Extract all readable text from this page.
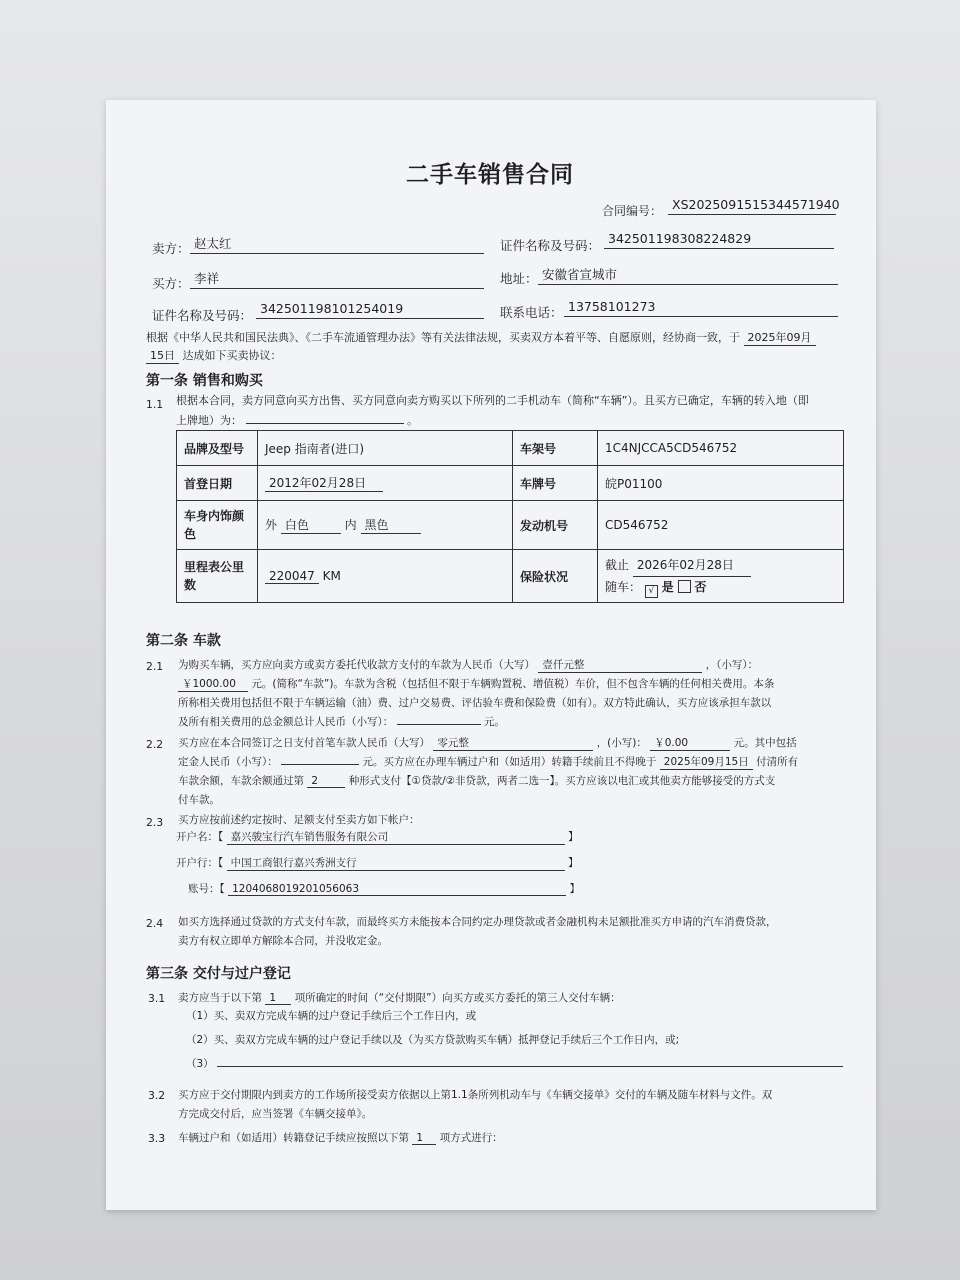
二手车销售合同
合同编号： XS2025091515344571940
卖方： 赵太红	证件名称及号码： 342501198308224829
买方： 李祥	地址： 安徽省宣城市
证件名称及号码： 342501198101254019	联系电话： 13758101273
根据《中华人民共和国民法典》、《二手车流通管理办法》等有关法律法规，买卖双方本着平等、自愿原则，经协商一致，于 2025年09月
15日 达成如下买卖协议：
第一条 销售和购买
1.1 根据本合同，卖方同意向买方出售、买方同意向卖方购买以下所列的二手机动车（简称“车辆”）。且买方已确定，车辆的转入地（即
上牌地）为：	。
品牌及型号	Jeep 指南者(进口)	车架号	1C4NJCCA5CD546752
首登日期	2012年02月28日	车牌号	皖P01100
车身内饰颜色	外 白色 内 黑色	发动机号	CD546752
里程表公里数	220047 KM	保险状况	截止 2026年02月28日
随车： √ 是 否
第二条 车款
2.1 为购买车辆，买方应向卖方或卖方委托代收款方支付的车款为人民币（大写） 壹仟元整	，（小写）：
￥1000.00 元。(简称“车款”)。车款为含税（包括但不限于车辆购置税、增值税）车价，但不包含车辆的任何相关费用。本条
所称相关费用包括但不限于车辆运输（油）费、过户交易费、评估验车费和保险费（如有）。双方特此确认，买方应该承担车款以
及所有相关费用的总金额总计人民币（小写）：	元。
2.2 买方应在本合同签订之日支付首笔车款人民币（大写） 零元整	，(小写)： ￥0.00	元。其中包括
定金人民币（小写）：	元。买方应在办理车辆过户和（如适用）转籍手续前且不得晚于 2025年09月15日 付清所有
车款余额，车款余额通过第 2	种形式支付【①贷款/②非贷款，两者二选一】。买方应该以电汇或其他卖方能够接受的方式支
付车款。
2.3 买方应按前述约定按时、足额支付至卖方如下帐户：
开户名：【 嘉兴骏宝行汽车销售服务有限公司	】
开户行：【 中国工商银行嘉兴秀洲支行	】
账号：【 1204068019201056063	】
2.4 如买方选择通过贷款的方式支付车款，而最终买方未能按本合同约定办理贷款或者金融机构未足额批准买方申请的汽车消费贷款，
卖方有权立即单方解除本合同，并没收定金。
第三条 交付与过户登记
3.1 卖方应当于以下第 1 项所确定的时间（“交付期限”）向买方或买方委托的第三人交付车辆：
（1）买、卖双方完成车辆的过户登记手续后三个工作日内，或
（2）买、卖双方完成车辆的过户登记手续以及（为买方贷款购买车辆）抵押登记手续后三个工作日内，或;
（3）
3.2 买方应于交付期限内到卖方的工作场所接受卖方依据以上第1.1条所列机动车与《车辆交接单》交付的车辆及随车材料与文件。双
方完成交付后，应当签署《车辆交接单》。
3.3 车辆过户和（如适用）转籍登记手续应按照以下第 1 项方式进行：
